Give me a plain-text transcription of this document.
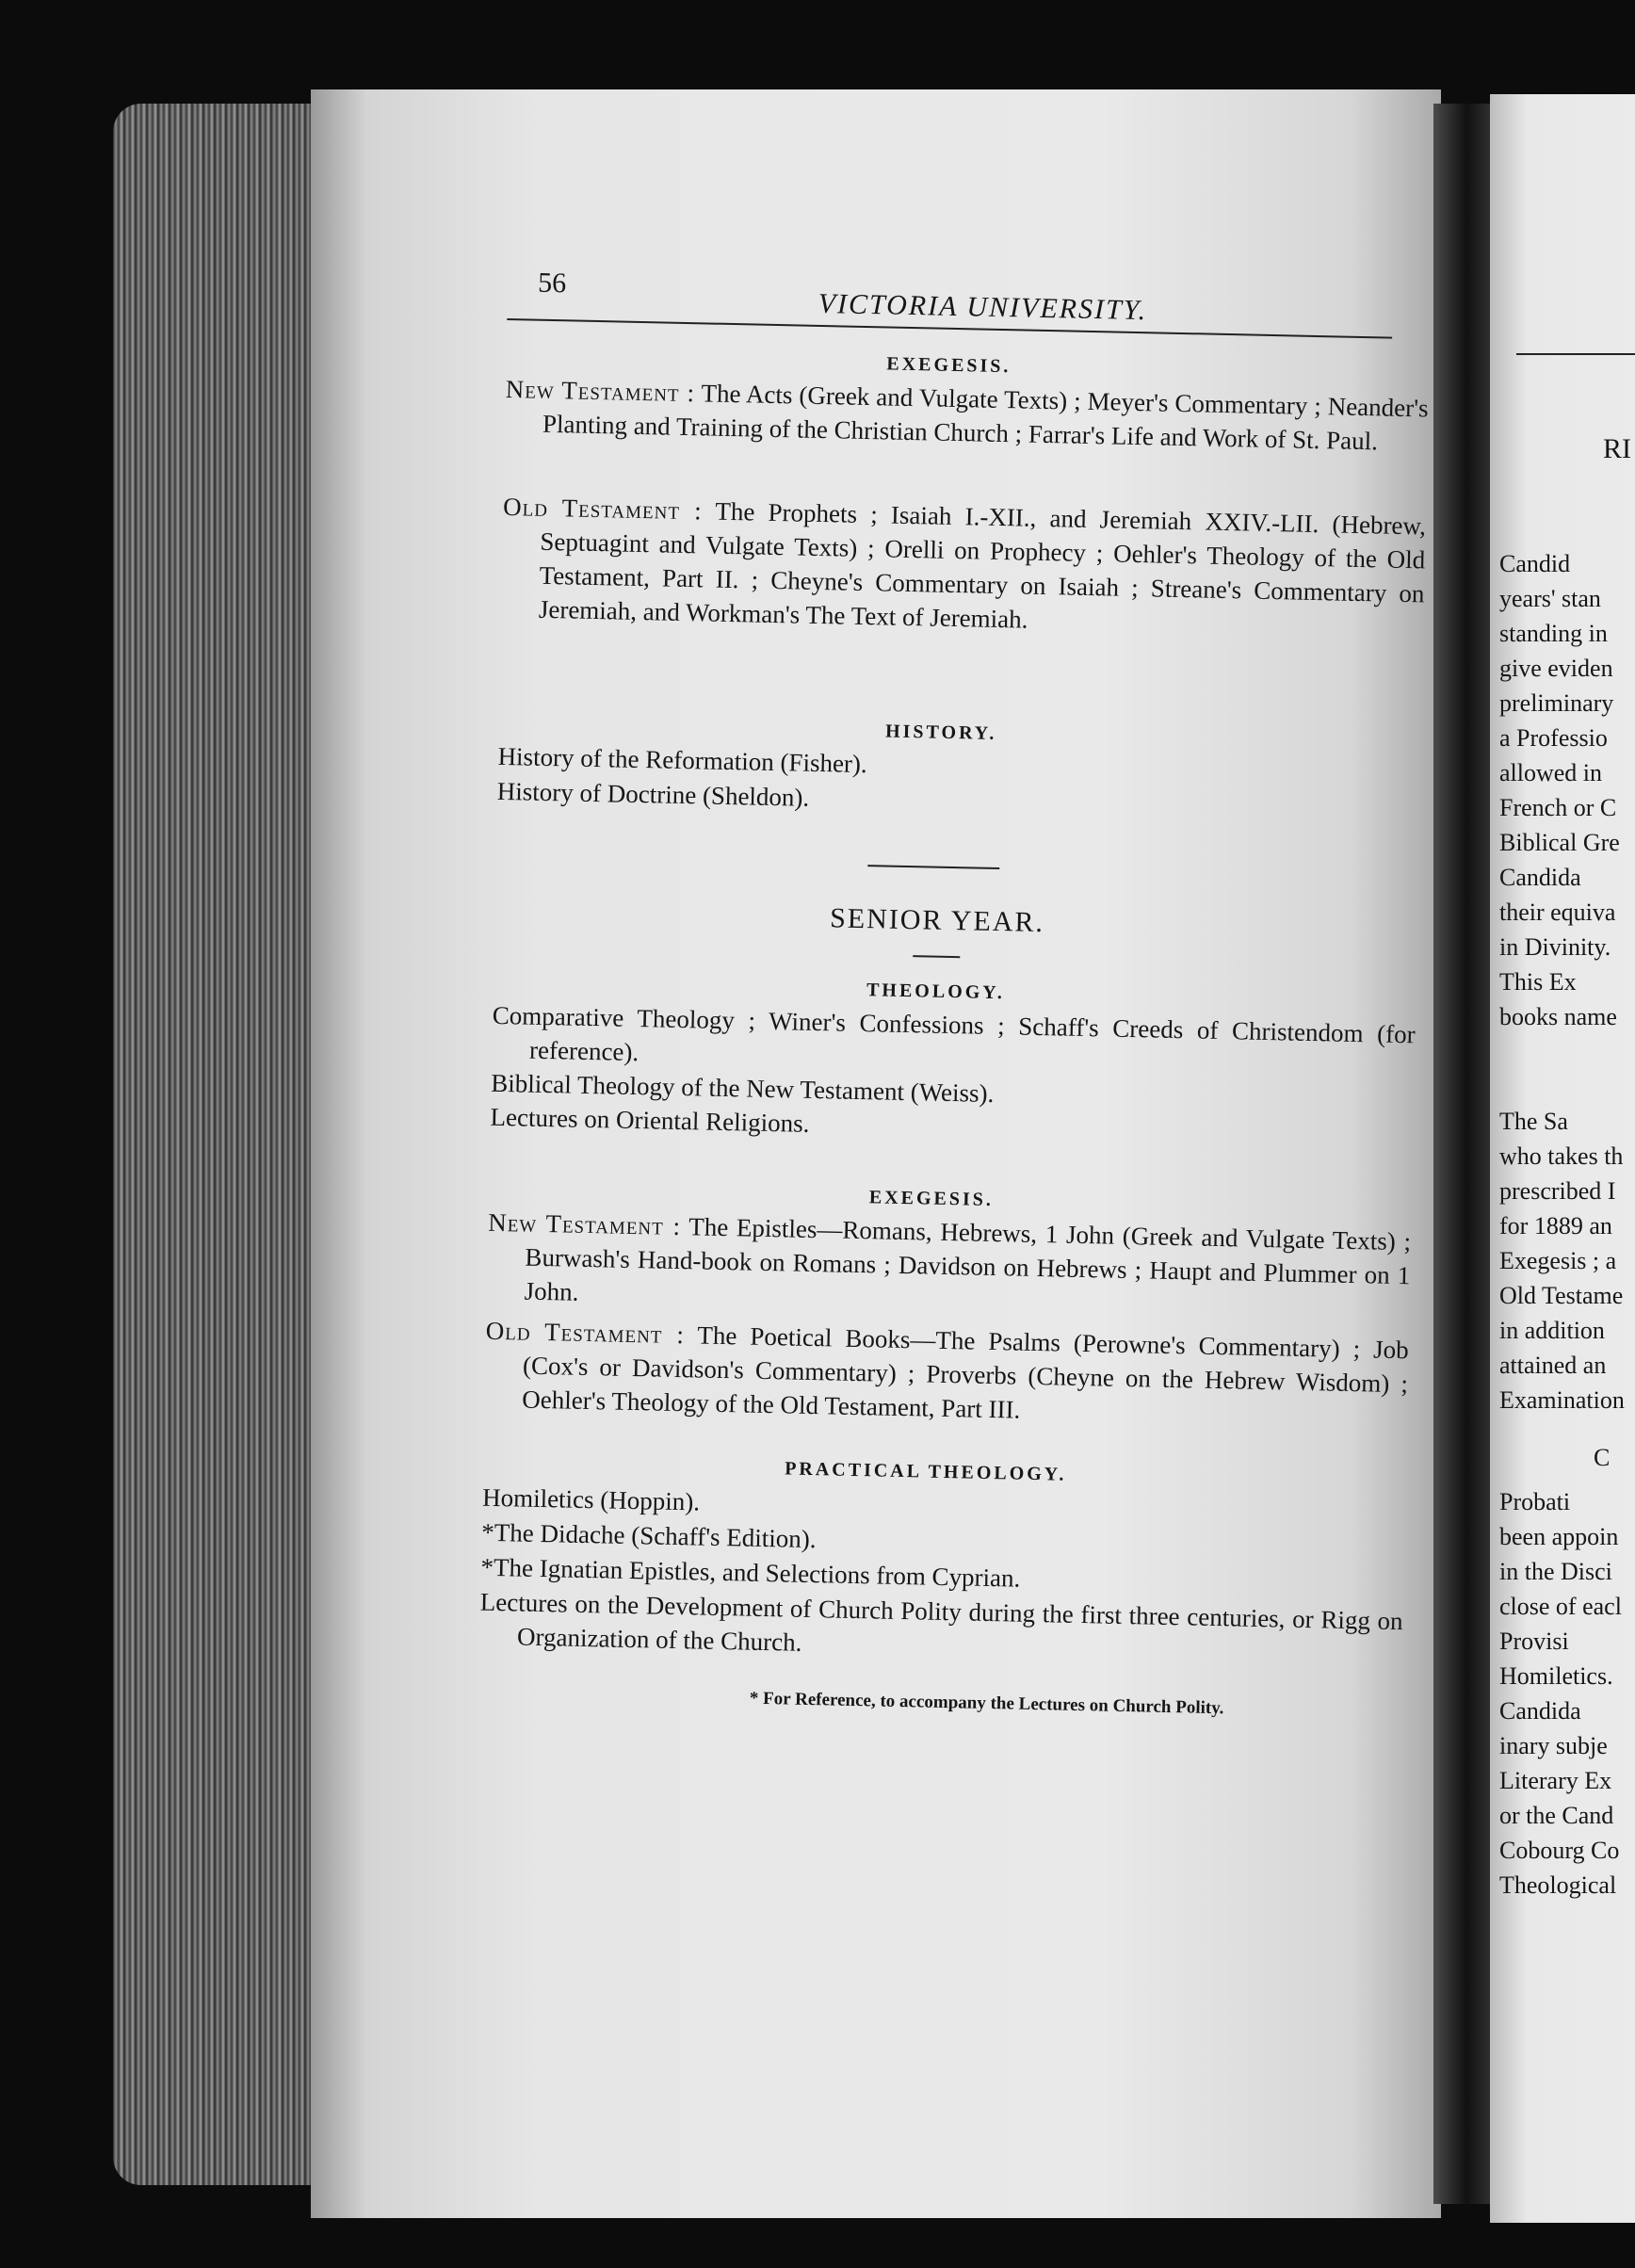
56
VICTORIA UNIVERSITY.
EXEGESIS.
New Testament : The Acts (Greek and Vulgate Texts) ; Meyer's Commentary ; Neander's Planting and Training of the Christian Church ; Farrar's Life and Work of St. Paul.
Old Testament : The Prophets ; Isaiah I.-XII., and Jeremiah XXIV.-LII. (Hebrew, Septuagint and Vulgate Texts) ; Orelli on Prophecy ; Oehler's Theology of the Old Testament, Part II. ; Cheyne's Commentary on Isaiah ; Streane's Commentary on Jeremiah, and Workman's The Text of Jeremiah.
HISTORY.
History of the Reformation (Fisher).
History of Doctrine (Sheldon).
SENIOR YEAR.
THEOLOGY.
Comparative Theology ; Winer's Confessions ; Schaff's Creeds of Christendom (for reference).
Biblical Theology of the New Testament (Weiss).
Lectures on Oriental Religions.
EXEGESIS.
New Testament : The Epistles—Romans, Hebrews, 1 John (Greek and Vulgate Texts) ; Burwash's Hand-book on Romans ; Davidson on Hebrews ; Haupt and Plummer on 1 John.
Old Testament : The Poetical Books—The Psalms (Perowne's Commentary) ; Job (Cox's or Davidson's Commentary) ; Proverbs (Cheyne on the Hebrew Wisdom) ; Oehler's Theology of the Old Testament, Part III.
PRACTICAL THEOLOGY.
Homiletics (Hoppin).
*The Didache (Schaff's Edition).
*The Ignatian Epistles, and Selections from Cyprian.
Lectures on the Development of Church Polity during the first three centuries, or Rigg on Organization of the Church.
* For Reference, to accompany the Lectures on Church Polity.
RI
Candid
years' stan
standing in
give eviden
preliminary
a Professio
allowed in
French or C
Biblical Gre
Candida
their equiva
in Divinity.
This Ex
books name
The Sa
who takes th
prescribed I
for 1889 an
Exegesis ; a
Old Testame
in addition
attained an
Examination
C
Probati
been appoin
in the Disci
close of eacl
Provisi
Homiletics.
Candida
inary subje
Literary Ex
or the Cand
Cobourg Co
Theological
